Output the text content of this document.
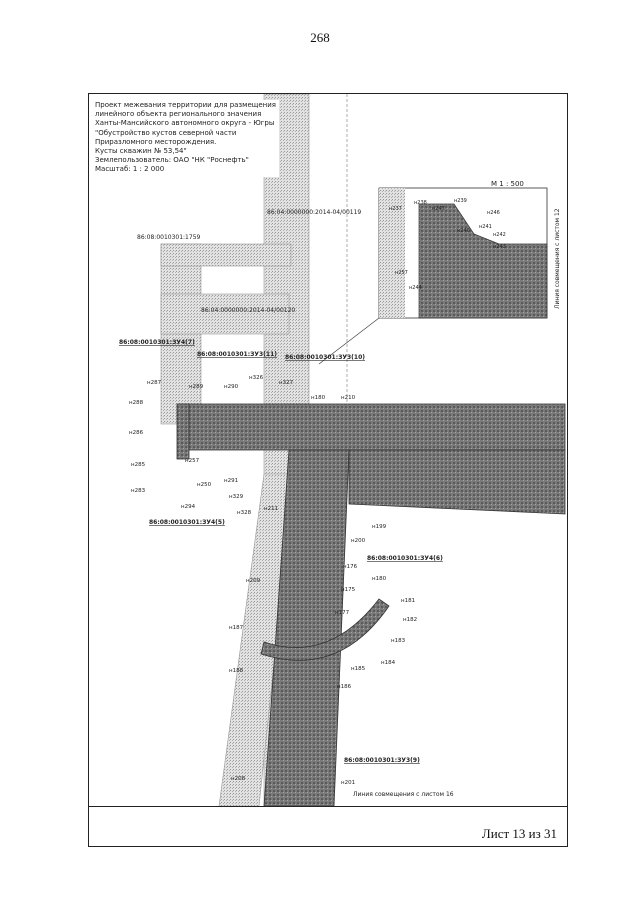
268
М 1 : 500
Линия совмещения с листом 12
н237
н238
н247
н239
н246
н240
н241
н242
н243
н257
н244
86:04:0000000:2014-04/00119
86:08:0010301:1759
86:04:0000000:2014-04/00120
86:08:0010301:ЗУ4(7)
86:08:0010301:ЗУ3(11) 86:08:0010301:ЗУ3(10)
86:08:0010301:ЗУ4(5)
86:08:0010301:ЗУ4(6)
86:08:0010301:ЗУ3(9)
н287
н289	н290
н326
н327
н180	н210
н288
н286
н285
н283
н257
н291
н250
н294
н329
н328
н211
н199
н200
н176
н180
н175
н181
н182
н177
н183
н187
н184
н185
н188
н186
н209
н201
н208
Линия совмещения с листом 16
Проект межевания территории для размещения
линейного объекта регионального значения
Ханты-Мансийского автономного округа - Югры
"Обустройство кустов северной части
Приразломного месторождения.
Кусты скважин № 53,54"
Землепользователь: ОАО "НК "Роснефть"
Масштаб: 1 : 2 000
Лист 13 из 31
